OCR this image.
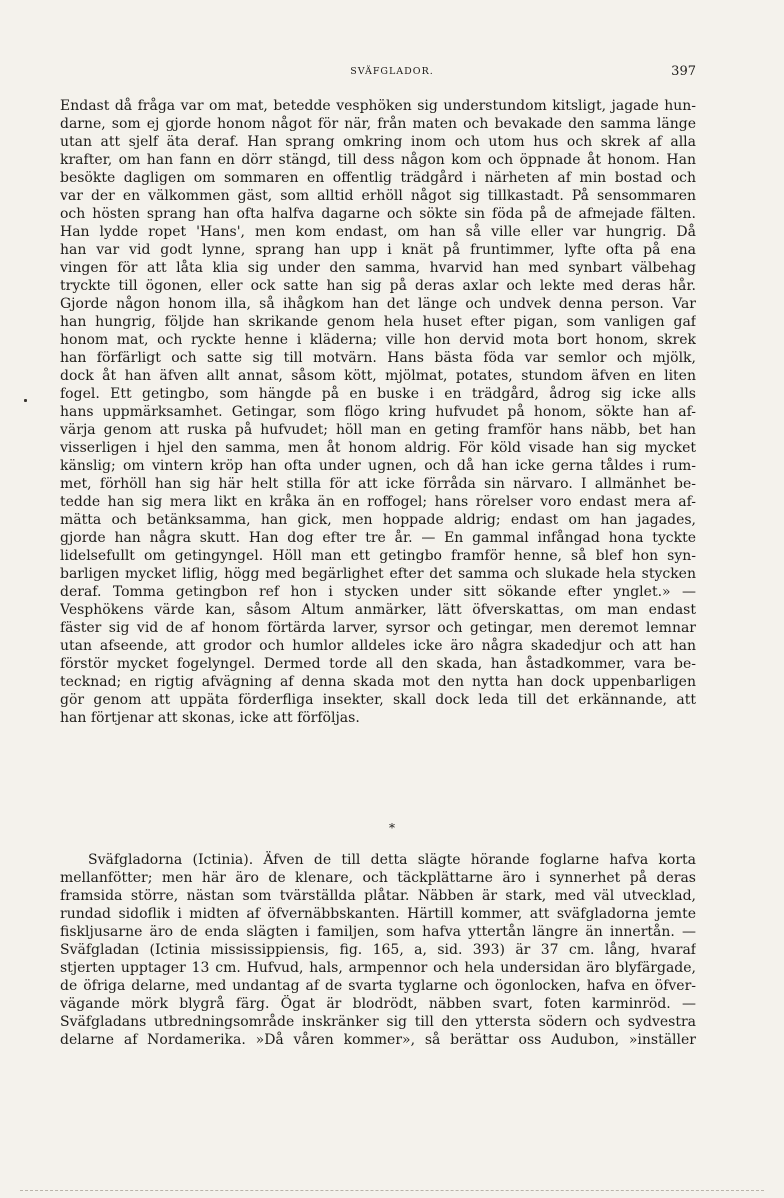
SVÄFGLADOR.	397
Endast då fråga var om mat, betedde vesphöken sig understundom kitsligt, jagade hun-
darne, som ej gjorde honom något för när, från maten och bevakade den samma länge
utan att sjelf äta deraf. Han sprang omkring inom och utom hus och skrek af alla
krafter, om han fann en dörr stängd, till dess någon kom och öppnade åt honom. Han
besökte dagligen om sommaren en offentlig trädgård i närheten af min bostad och
var der en välkommen gäst, som alltid erhöll något sig tillkastadt. På sensommaren
och hösten sprang han ofta halfva dagarne och sökte sin föda på de afmejade fälten.
Han lydde ropet 'Hans', men kom endast, om han så ville eller var hungrig. Då
han var vid godt lynne, sprang han upp i knät på fruntimmer, lyfte ofta på ena
vingen för att låta klia sig under den samma, hvarvid han med synbart välbehag
tryckte till ögonen, eller ock satte han sig på deras axlar och lekte med deras hår.
Gjorde någon honom illa, så ihågkom han det länge och undvek denna person. Var
han hungrig, följde han skrikande genom hela huset efter pigan, som vanligen gaf
honom mat, och ryckte henne i kläderna; ville hon dervid mota bort honom, skrek
han förfärligt och satte sig till motvärn. Hans bästa föda var semlor och mjölk,
dock åt han äfven allt annat, såsom kött, mjölmat, potates, stundom äfven en liten
fogel. Ett getingbo, som hängde på en buske i en trädgård, ådrog sig icke alls
hans uppmärksamhet. Getingar, som flögo kring hufvudet på honom, sökte han af-
värja genom att ruska på hufvudet; höll man en geting framför hans näbb, bet han
visserligen i hjel den samma, men åt honom aldrig. För köld visade han sig mycket
känslig; om vintern kröp han ofta under ugnen, och då han icke gerna tåldes i rum-
met, förhöll han sig här helt stilla för att icke förråda sin närvaro. I allmänhet be-
tedde han sig mera likt en kråka än en roffogel; hans rörelser voro endast mera af-
mätta och betänksamma, han gick, men hoppade aldrig; endast om han jagades,
gjorde han några skutt. Han dog efter tre år. — En gammal infångad hona tyckte
lidelsefullt om getingyngel. Höll man ett getingbo framför henne, så blef hon syn-
barligen mycket liflig, högg med begärlighet efter det samma och slukade hela stycken
deraf. Tomma getingbon ref hon i stycken under sitt sökande efter ynglet.» —
Vesphökens värde kan, såsom Altum anmärker, lätt öfverskattas, om man endast
fäster sig vid de af honom förtärda larver, syrsor och getingar, men deremot lemnar
utan afseende, att grodor och humlor alldeles icke äro några skadedjur och att han
förstör mycket fogelyngel. Dermed torde all den skada, han åstadkommer, vara be-
tecknad; en rigtig afvägning af denna skada mot den nytta han dock uppenbarligen
gör genom att uppäta förderfliga insekter, skall dock leda till det erkännande, att
han förtjenar att skonas, icke att förföljas.
*
Sväfgladorna (Ictinia). Äfven de till detta slägte hörande foglarne hafva korta
mellanfötter; men här äro de klenare, och täckplättarne äro i synnerhet på deras
framsida större, nästan som tvärställda plåtar. Näbben är stark, med väl utvecklad,
rundad sidoflik i midten af öfvernäbbskanten. Härtill kommer, att sväfgladorna jemte
fiskljusarne äro de enda slägten i familjen, som hafva yttertån längre än innertån. —
Sväfgladan (Ictinia mississippiensis, fig. 165, a, sid. 393) är 37 cm. lång, hvaraf
stjerten upptager 13 cm. Hufvud, hals, armpennor och hela undersidan äro blyfärgade,
de öfriga delarne, med undantag af de svarta tyglarne och ögonlocken, hafva en öfver-
vägande mörk blygrå färg. Ögat är blodrödt, näbben svart, foten karminröd. —
Sväfgladans utbredningsområde inskränker sig till den yttersta södern och sydvestra
delarne af Nordamerika. »Då våren kommer», så berättar oss Audubon, »inställer
